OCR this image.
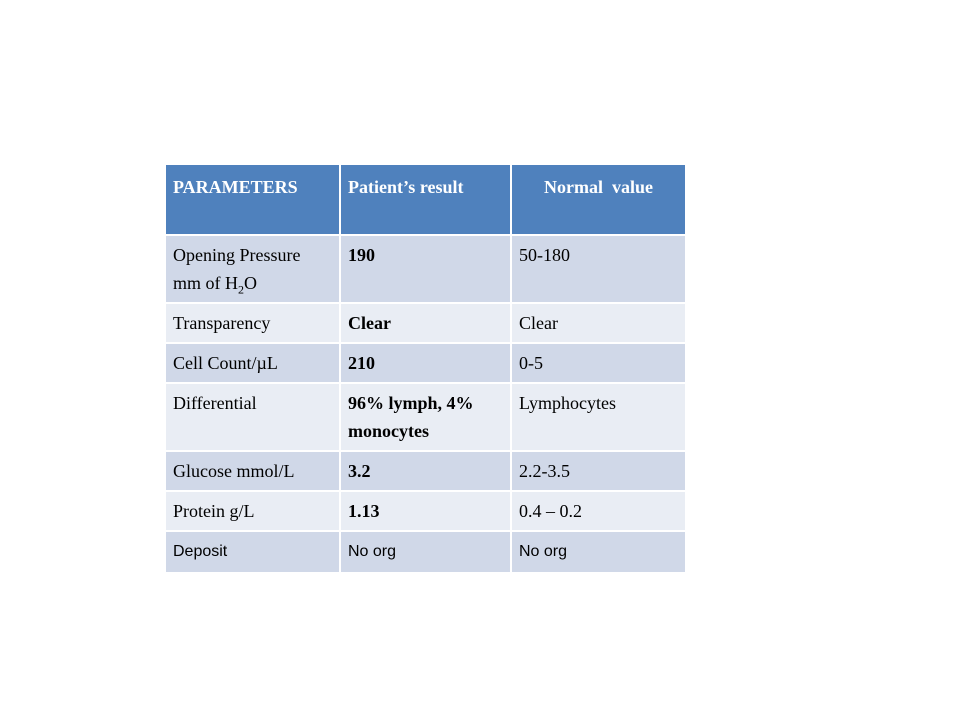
PARAMETERS	Patient’s result	Normal  value
Opening Pressure mm of $H_2O$	190	50-180
Transparency	Clear	Clear
Cell Count/µL	210	0-5
Differential	96% lymph, 4% monocytes	Lymphocytes
Glucose mmol/L	3.2	2.2-3.5
Protein g/L	1.13	0.4 – 0.2
Deposit	No org	No org
